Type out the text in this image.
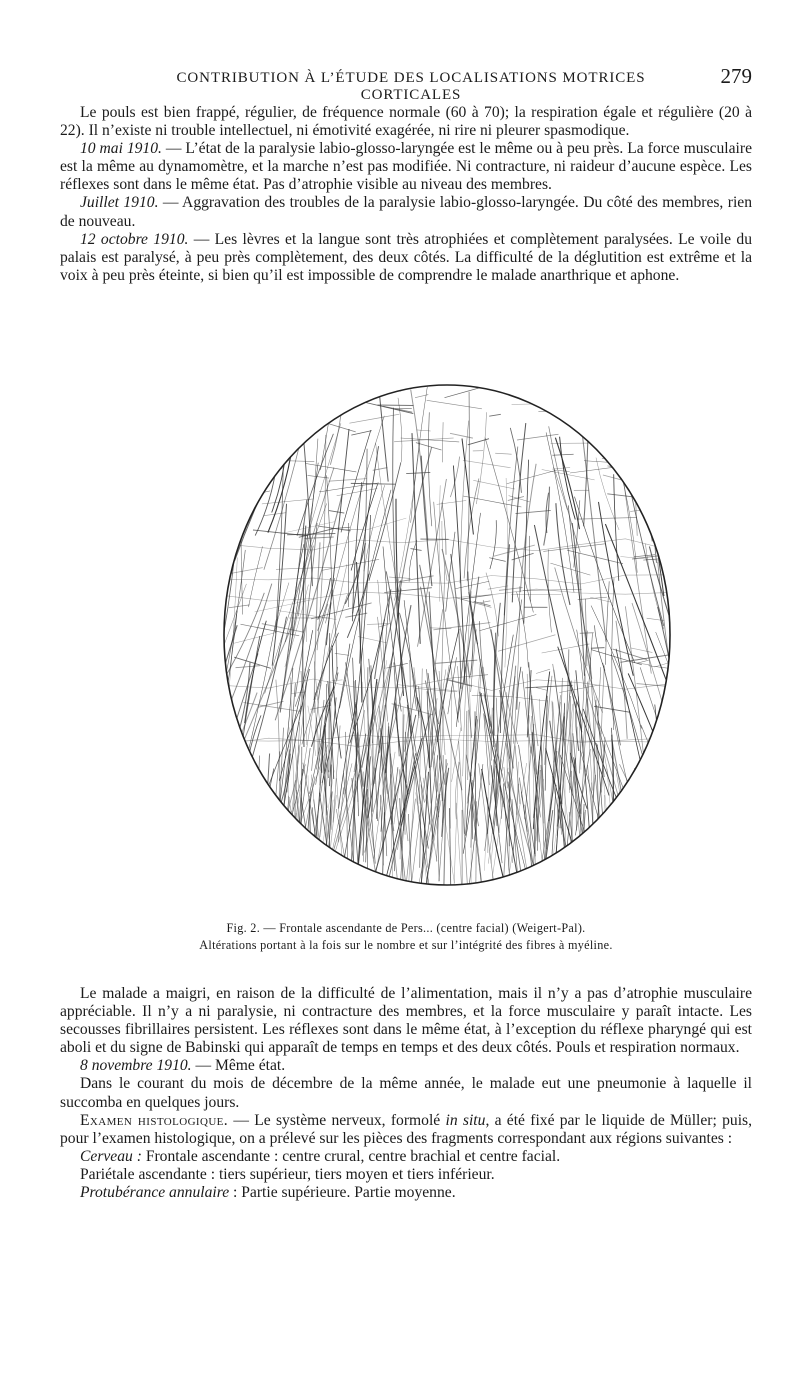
CONTRIBUTION À L’ÉTUDE DES LOCALISATIONS MOTRICES CORTICALES
279

Le pouls est bien frappé, régulier, de fréquence normale (60 à 70); la respiration égale et régulière (20 à 22). Il n’existe ni trouble intellectuel, ni émotivité exagérée, ni rire ni pleurer spasmodique.

10 mai 1910. — L’état de la paralysie labio-glosso-laryngée est le même ou à peu près. La force musculaire est la même au dynamomètre, et la marche n’est pas modifiée. Ni contracture, ni raideur d’aucune espèce. Les réflexes sont dans le même état. Pas d’atrophie visible au niveau des membres.

Juillet 1910. — Aggravation des troubles de la paralysie labio-glosso-laryngée. Du côté des membres, rien de nouveau.

12 octobre 1910. — Les lèvres et la langue sont très atrophiées et complètement paralysées. Le voile du palais est paralysé, à peu près complètement, des deux côtés. La difficulté de la déglutition est extrême et la voix à peu près éteinte, si bien qu’il est impossible de comprendre le malade anarthrique et aphone.

Fig. 2. — Frontale ascendante de Pers... (centre facial) (Weigert-Pal).
Altérations portant à la fois sur le nombre et sur l’intégrité des fibres à myéline.

Le malade a maigri, en raison de la difficulté de l’alimentation, mais il n’y a pas d’atrophie musculaire appréciable. Il n’y a ni paralysie, ni contracture des membres, et la force musculaire y paraît intacte. Les secousses fibrillaires persistent. Les réflexes sont dans le même état, à l’exception du réflexe pharyngé qui est aboli et du signe de Babinski qui apparaît de temps en temps et des deux côtés. Pouls et respiration normaux.

8 novembre 1910. — Même état.

Dans le courant du mois de décembre de la même année, le malade eut une pneumonie à laquelle il succomba en quelques jours.

Examen histologique. — Le système nerveux, formolé in situ, a été fixé par le liquide de Müller; puis, pour l’examen histologique, on a prélevé sur les pièces des fragments correspondant aux régions suivantes :

Cerveau : Frontale ascendante : centre crural, centre brachial et centre facial.

Pariétale ascendante : tiers supérieur, tiers moyen et tiers inférieur.

Protubérance annulaire : Partie supérieure. Partie moyenne.
